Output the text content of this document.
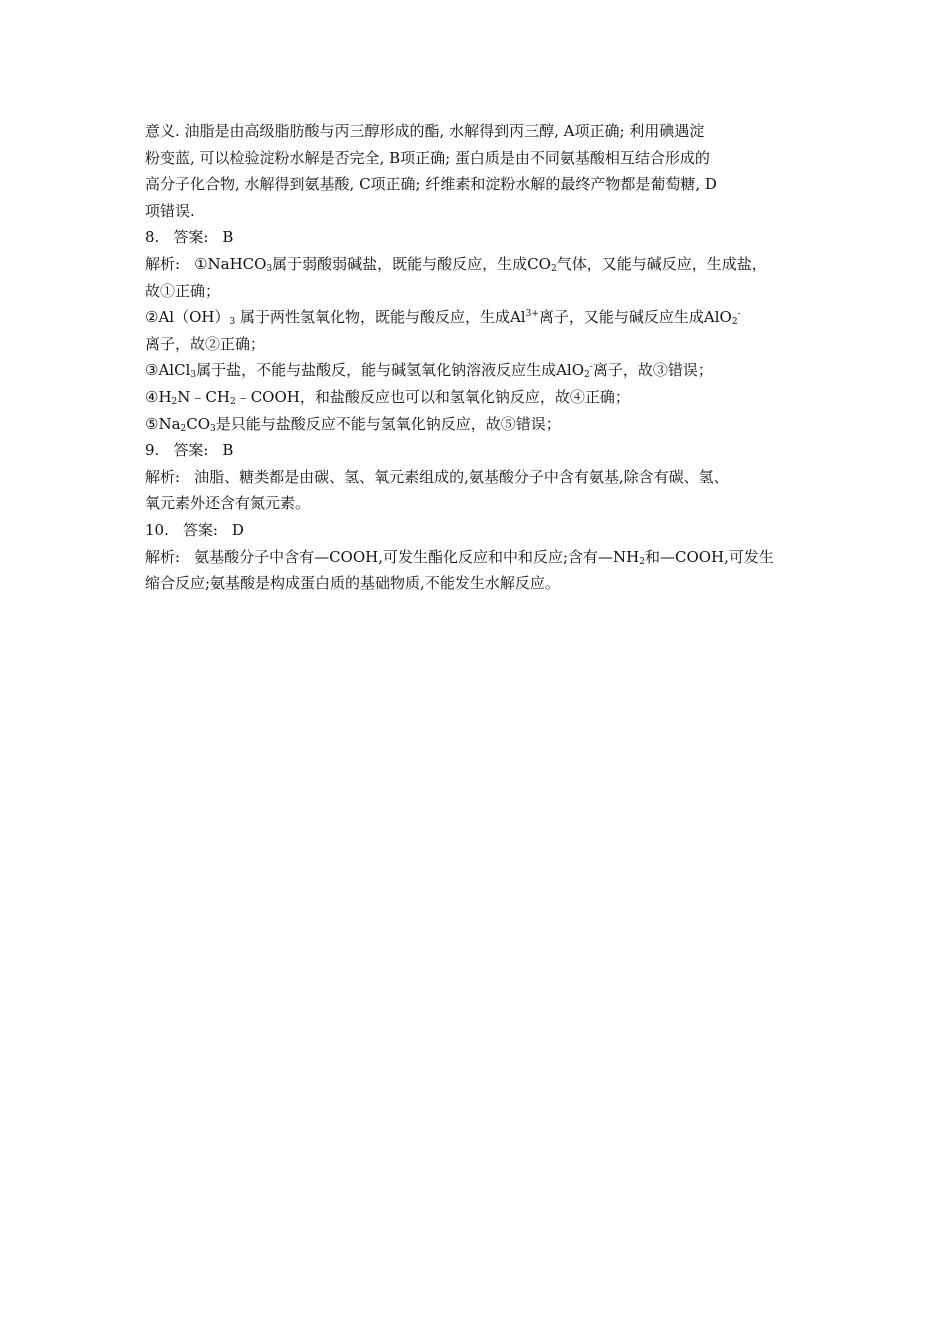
意义. 油脂是由高级脂肪酸与丙三醇形成的酯, 水解得到丙三醇, A项正确; 利用碘遇淀
粉变蓝, 可以检验淀粉水解是否完全, B项正确; 蛋白质是由不同氨基酸相互结合形成的
高分子化合物, 水解得到氨基酸, C项正确; 纤维素和淀粉水解的最终产物都是葡萄糖, D
项错误.
8. 答案: B
解析: ①NaHCO$_3$属于弱酸弱碱盐，既能与酸反应，生成$CO_2$气体，又能与碱反应，生成盐，
故①正确；
$②Al(OH)_3$ 属于两性氢氧化物，既能与酸反应，生成$Al^{3+}$离子，又能与碱反应生成AlO$_2$-
离子，故②正确；
③AlCl$_3$属于盐，不能与盐酸反，能与碱氢氧化钠溶液反应生成AlO$_2$-离子，故③错误；
$④H_2N﹣CH_2﹣COOH$，和盐酸反应也可以和氢氧化钠反应，故④正确；
$⑤Na_2CO_3$是只能与盐酸反应不能与氢氧化钠反应，故⑤错误；
9. 答案: B
解析: 油脂、糖类都是由碳、氢、氧元素组成的,氨基酸分子中含有氨基,除含有碳、氢、
氧元素外还含有氮元素。
10. 答案: D
解析: 氨基酸分子中含有—COOH,可发生酯化反应和中和反应;含有$—NH_2$和—COOH,可发生
缩合反应;氨基酸是构成蛋白质的基础物质,不能发生水解反应。
